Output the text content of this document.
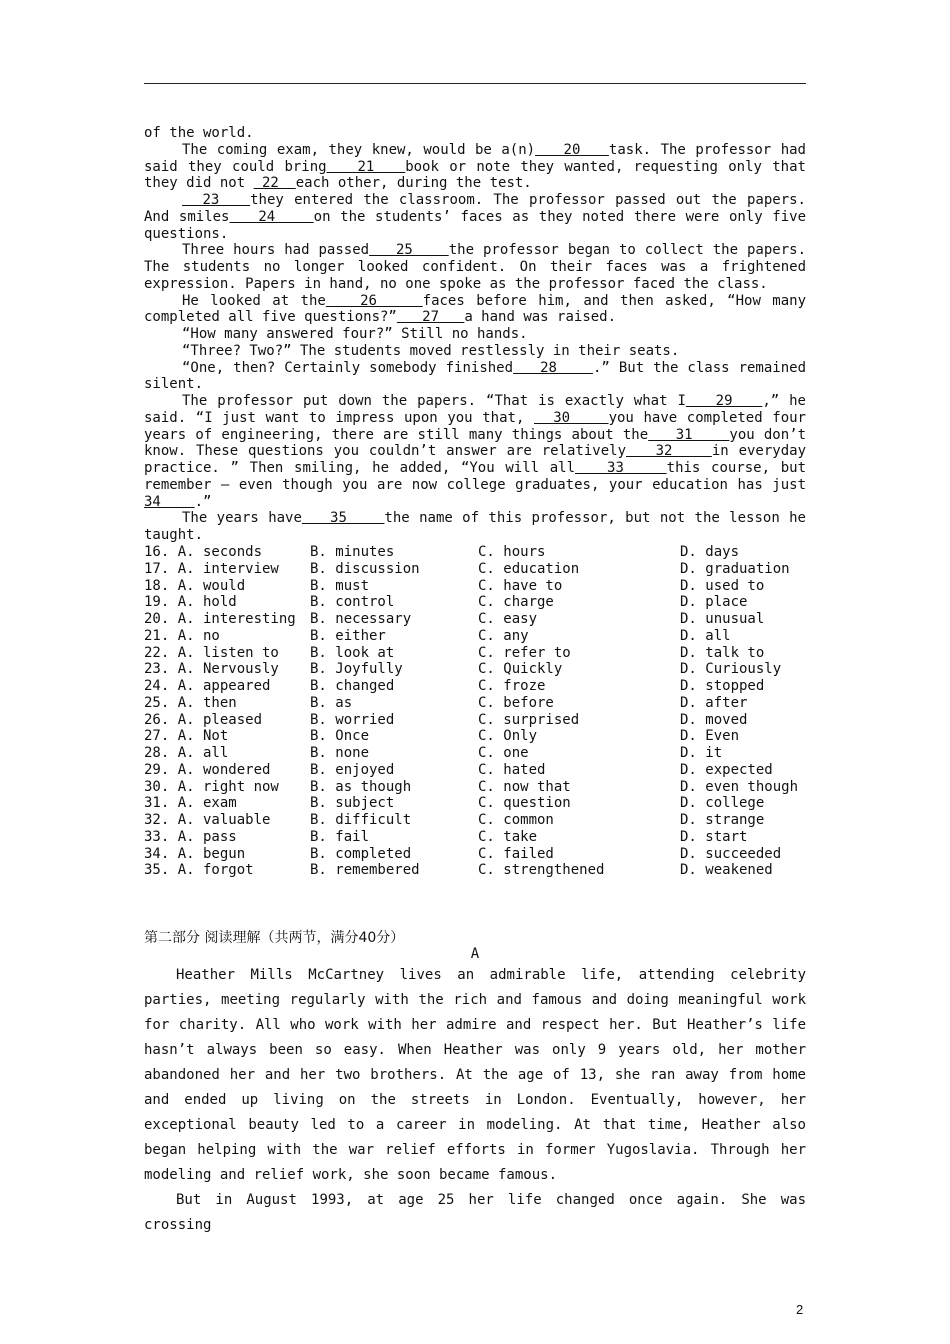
of the world.

The coming exam, they knew, would be a(n)   20   task. The professor had said they could bring   21   book or note they wanted, requesting only that they did not  22  each other, during the test.

23   they entered the classroom. The professor passed out the papers. And smiles   24    on the students’ faces as they noted there were only five questions.

Three hours had passed   25    the professor began to collect the papers. The students no longer looked confident. On their faces was a frightened expression. Papers in hand, no one spoke as the professor faced the class.

He looked at the   26    faces before him, and then asked, “How many completed all five questions?”   27   a hand was raised.

“How many answered four?” Still no hands.

“Three? Two?” The students moved restlessly in their seats.

“One, then? Certainly somebody finished   28    .” But the class remained silent.

The professor put down the papers. “That is exactly what I   29   ,” he said. “I just want to impress upon you that,   30    you have completed four years of engineering, there are still many things about the   31    you don’t know. These questions you couldn’t answer are relatively   32    in everyday practice. ” Then smiling, he added, “You will all   33    this course, but remember — even though you are now college graduates, your education has just 34    .”

The years have   35    the name of this professor, but not the lesson he taught.

16. A. seconds	B. minutes	C. hours	D. days
17. A. interview	B. discussion	C. education	D. graduation
18. A. would	B. must	C. have to	D. used to
19. A. hold	B. control	C. charge	D. place
20. A. interesting	B. necessary	C. easy	D. unusual
21. A. no	B. either	C. any	D. all
22. A. listen to	B. look at	C. refer to	D. talk to
23. A. Nervously	B. Joyfully	C. Quickly	D. Curiously
24. A. appeared	B. changed	C. froze	D. stopped
25. A. then	B. as	C. before	D. after
26. A. pleased	B. worried	C. surprised	D. moved
27. A. Not	B. Once	C. Only	D. Even
28. A. all	B. none	C. one	D. it
29. A. wondered	B. enjoyed	C. hated	D. expected
30. A. right now	B. as though	C. now that	D. even though
31. A. exam	B. subject	C. question	D. college
32. A. valuable	B. difficult	C. common	D. strange
33. A. pass	B. fail	C. take	D. start
34. A. begun	B. completed	C. failed	D. succeeded
35. A. forgot	B. remembered	C. strengthened	D. weakened
第二部分 阅读理解（共两节，满分40分）
A

Heather Mills McCartney lives an admirable life, attending celebrity parties, meeting regularly with the rich and famous and doing meaningful work for charity. All who work with her admire and respect her. But Heather’s life hasn’t always been so easy. When Heather was only 9 years old, her mother abandoned her and her two brothers. At the age of 13, she ran away from home and ended up living on the streets in London. Eventually, however, her exceptional beauty led to a career in modeling. At that time, Heather also began helping with the war relief efforts in former Yugoslavia. Through her modeling and relief work, she soon became famous.

But in August 1993, at age 25 her life changed once again. She was crossing

2
